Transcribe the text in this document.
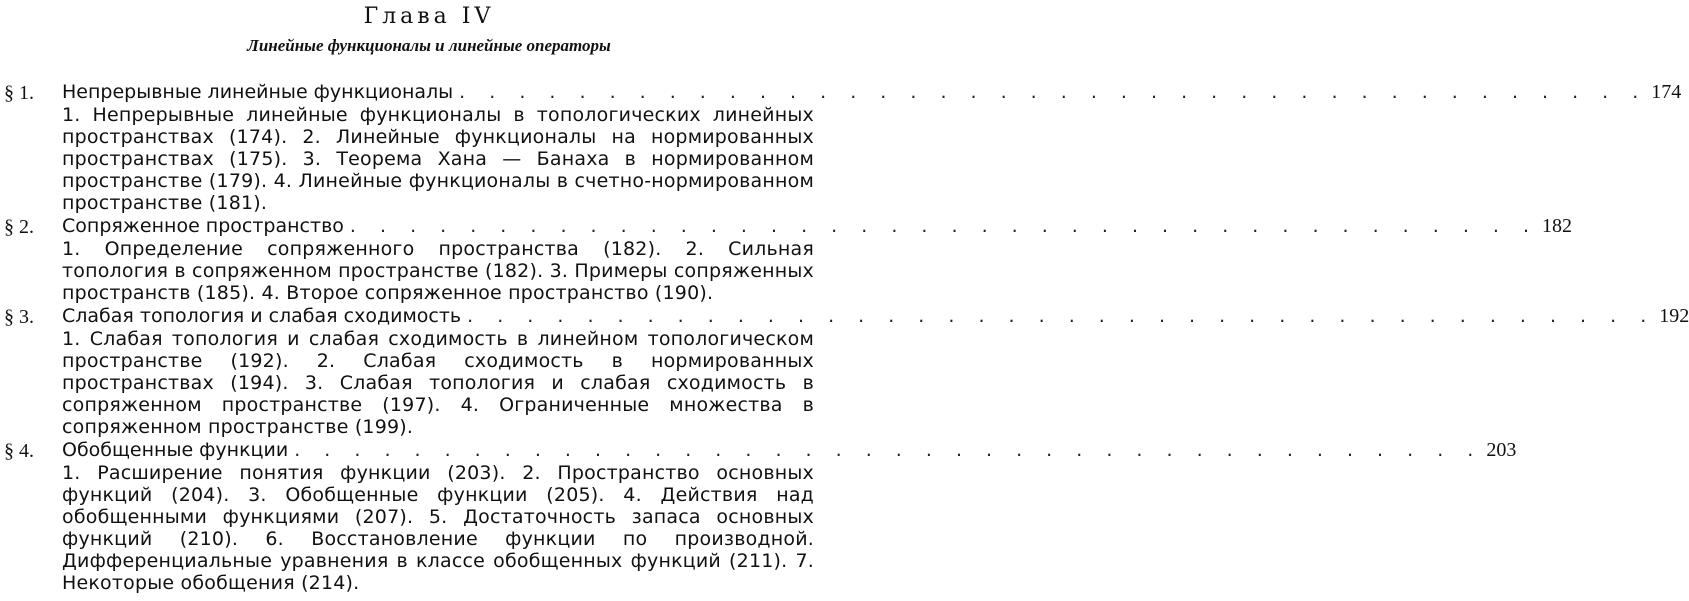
Глава IV
Линейные функционалы и линейные операторы
§ 1.	Непрерывные линейные функционалы . . . . . . . . . . . . . . . . . . . . . . . . . . . . . . . . . . . . . . . . 174
1. Непрерывные линейные функционалы в топологических линейных пространствах (174). 2. Линейные функционалы на нормированных пространствах (175). 3. Теорема Хана — Банаха в нормированном пространстве (179). 4. Линейные функционалы в счетно-нормированном пространстве (181).
§ 2.	Сопряженное пространство . . . . . . . . . . . . . . . . . . . . . . . . . . . . . . . . . . . . . . . . 182
1. Определение сопряженного пространства (182). 2. Сильная топология в сопряженном пространстве (182). 3. Примеры сопряженных пространств (185). 4. Второе сопряженное пространство (190).
§ 3.	Слабая топология и слабая сходимость . . . . . . . . . . . . . . . . . . . . . . . . . . . . . . . . . . . . . . . . 192
1. Слабая топология и слабая сходимость в линейном топологическом пространстве (192). 2. Слабая сходимость в нормированных пространствах (194). 3. Слабая топология и слабая сходимость в сопряженном пространстве (197). 4. Ограниченные множества в сопряженном пространстве (199).
§ 4.	Обобщенные функции . . . . . . . . . . . . . . . . . . . . . . . . . . . . . . . . . . . . . . . . 203
1. Расширение понятия функции (203). 2. Пространство основных функций (204). 3. Обобщенные функции (205). 4. Действия над обобщенными функциями (207). 5. Достаточность запаса основных функций (210). 6. Восстановление функции по производной. Дифференциальные уравнения в классе обобщенных функций (211). 7. Некоторые обобщения (214).
